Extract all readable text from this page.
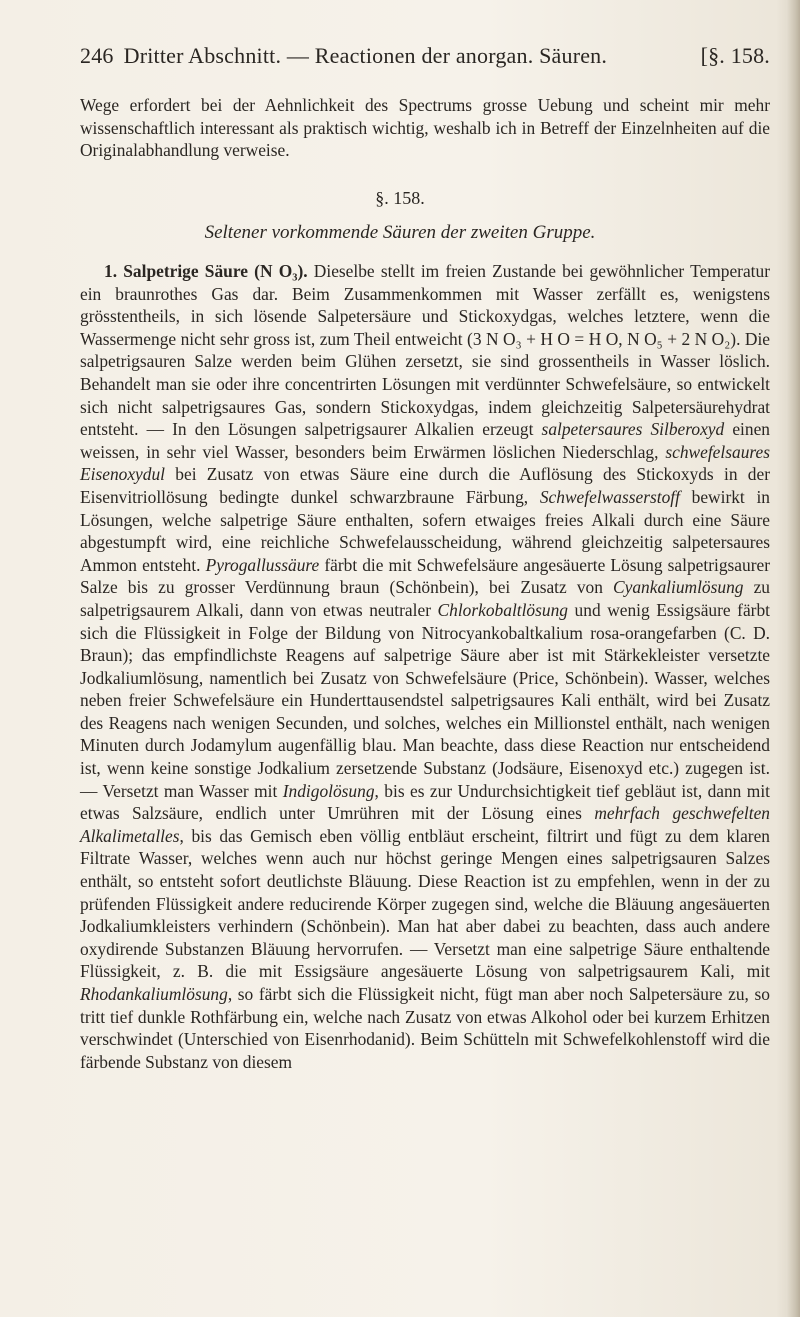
246 Dritter Abschnitt. — Reactionen der anorgan. Säuren.	[§. 158.

Wege erfordert bei der Aehnlichkeit des Spectrums grosse Uebung und scheint mir mehr wissenschaftlich interessant als praktisch wichtig, weshalb ich in Betreff der Einzelnheiten auf die Originalabhandlung verweise.

§. 158.
Seltener vorkommende Säuren der zweiten Gruppe.

1. Salpetrige Säure (N O₃). Dieselbe stellt im freien Zustande bei gewöhnlicher Temperatur ein braunrothes Gas dar. Beim Zusammenkommen mit Wasser zerfällt es, wenigstens grösstentheils, in sich lösende Salpetersäure und Stickoxydgas, welches letztere, wenn die Wassermenge nicht sehr gross ist, zum Theil entweicht (3 N O₃ + H O = H O, N O₅ + 2 N O₂). Die salpetrigsauren Salze werden beim Glühen zersetzt, sie sind grossentheils in Wasser löslich. Behandelt man sie oder ihre concentrirten Lösungen mit verdünnter Schwefelsäure, so entwickelt sich nicht salpetrigsaures Gas, sondern Stickoxydgas, indem gleichzeitig Salpetersäurehydrat entsteht. — In den Lösungen salpetrigsaurer Alkalien erzeugt salpetersaures Silberoxyd einen weissen, in sehr viel Wasser, besonders beim Erwärmen löslichen Niederschlag, schwefelsaures Eisenoxydul bei Zusatz von etwas Säure eine durch die Auflösung des Stickoxyds in der Eisenvitriollösung bedingte dunkel schwarzbraune Färbung, Schwefelwasserstoff bewirkt in Lösungen, welche salpetrige Säure enthalten, sofern etwaiges freies Alkali durch eine Säure abgestumpft wird, eine reichliche Schwefelausscheidung, während gleichzeitig salpetersaures Ammon entsteht. Pyrogallussäure färbt die mit Schwefelsäure angesäuerte Lösung salpetrigsaurer Salze bis zu grosser Verdünnung braun (Schönbein), bei Zusatz von Cyankaliumlösung zu salpetrigsaurem Alkali, dann von etwas neutraler Chlorkobaltlösung und wenig Essigsäure färbt sich die Flüssigkeit in Folge der Bildung von Nitrocyankobaltkalium rosa-orangefarben (C. D. Braun); das empfindlichste Reagens auf salpetrige Säure aber ist mit Stärkekleister versetzte Jodkaliumlösung, namentlich bei Zusatz von Schwefelsäure (Price, Schönbein). Wasser, welches neben freier Schwefelsäure ein Hunderttausendstel salpetrigsaures Kali enthält, wird bei Zusatz des Reagens nach wenigen Secunden, und solches, welches ein Millionstel enthält, nach wenigen Minuten durch Jodamylum augenfällig blau. Man beachte, dass diese Reaction nur entscheidend ist, wenn keine sonstige Jodkalium zersetzende Substanz (Jodsäure, Eisenoxyd etc.) zugegen ist. — Versetzt man Wasser mit Indigolösung, bis es zur Undurchsichtigkeit tief gebläut ist, dann mit etwas Salzsäure, endlich unter Umrühren mit der Lösung eines mehrfach geschwefelten Alkalimetalles, bis das Gemisch eben völlig entbläut erscheint, filtrirt und fügt zu dem klaren Filtrate Wasser, welches wenn auch nur höchst geringe Mengen eines salpetrigsauren Salzes enthält, so entsteht sofort deutlichste Bläuung. Diese Reaction ist zu empfehlen, wenn in der zu prüfenden Flüssigkeit andere reducirende Körper zugegen sind, welche die Bläuung angesäuerten Jodkaliumkleisters verhindern (Schönbein). Man hat aber dabei zu beachten, dass auch andere oxydirende Substanzen Bläuung hervorrufen. — Versetzt man eine salpetrige Säure enthaltende Flüssigkeit, z. B. die mit Essigsäure angesäuerte Lösung von salpetrigsaurem Kali, mit Rhodankaliumlösung, so färbt sich die Flüssigkeit nicht, fügt man aber noch Salpetersäure zu, so tritt tief dunkle Rothfärbung ein, welche nach Zusatz von etwas Alkohol oder bei kurzem Erhitzen verschwindet (Unterschied von Eisenrhodanid). Beim Schütteln mit Schwefelkohlenstoff wird die färbende Substanz von diesem
